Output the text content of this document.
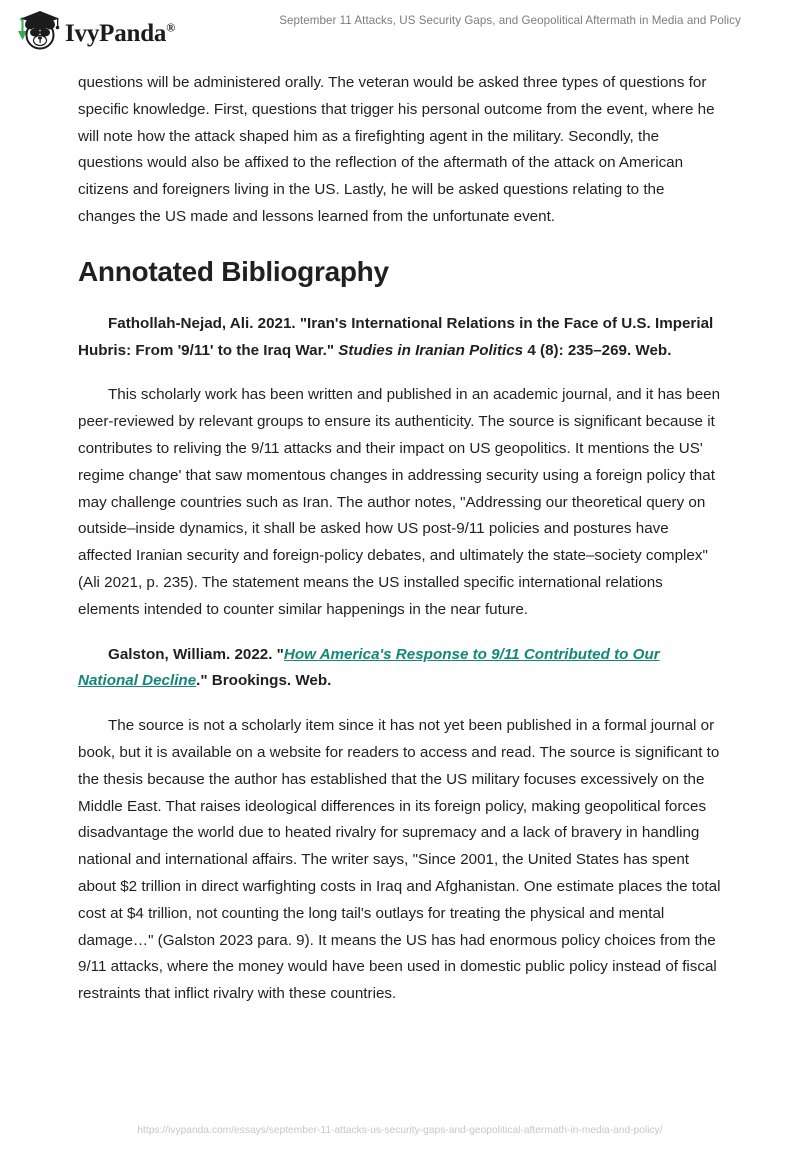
IvyPanda®	September 11 Attacks, US Security Gaps, and Geopolitical Aftermath in Media and Policy

questions will be administered orally. The veteran would be asked three types of questions for specific knowledge. First, questions that trigger his personal outcome from the event, where he will note how the attack shaped him as a firefighting agent in the military. Secondly, the questions would also be affixed to the reflection of the aftermath of the attack on American citizens and foreigners living in the US. Lastly, he will be asked questions relating to the changes the US made and lessons learned from the unfortunate event.

Annotated Bibliography

Fathollah-Nejad, Ali. 2021. "Iran's International Relations in the Face of U.S. Imperial Hubris: From '9/11' to the Iraq War." Studies in Iranian Politics 4 (8): 235–269. Web.

This scholarly work has been written and published in an academic journal, and it has been peer-reviewed by relevant groups to ensure its authenticity. The source is significant because it contributes to reliving the 9/11 attacks and their impact on US geopolitics. It mentions the US' regime change' that saw momentous changes in addressing security using a foreign policy that may challenge countries such as Iran. The author notes, "Addressing our theoretical query on outside–inside dynamics, it shall be asked how US post-9/11 policies and postures have affected Iranian security and foreign-policy debates, and ultimately the state–society complex" (Ali 2021, p. 235). The statement means the US installed specific international relations elements intended to counter similar happenings in the near future.

Galston, William. 2022. "How America's Response to 9/11 Contributed to Our National Decline." Brookings. Web.

The source is not a scholarly item since it has not yet been published in a formal journal or book, but it is available on a website for readers to access and read. The source is significant to the thesis because the author has established that the US military focuses excessively on the Middle East. That raises ideological differences in its foreign policy, making geopolitical forces disadvantage the world due to heated rivalry for supremacy and a lack of bravery in handling national and international affairs. The writer says, "Since 2001, the United States has spent about $2 trillion in direct warfighting costs in Iraq and Afghanistan. One estimate places the total cost at $4 trillion, not counting the long tail's outlays for treating the physical and mental damage…" (Galston 2023 para. 9). It means the US has had enormous policy choices from the 9/11 attacks, where the money would have been used in domestic public policy instead of fiscal restraints that inflict rivalry with these countries.

https://ivypanda.com/essays/september-11-attacks-us-security-gaps-and-geopolitical-aftermath-in-media-and-policy/
